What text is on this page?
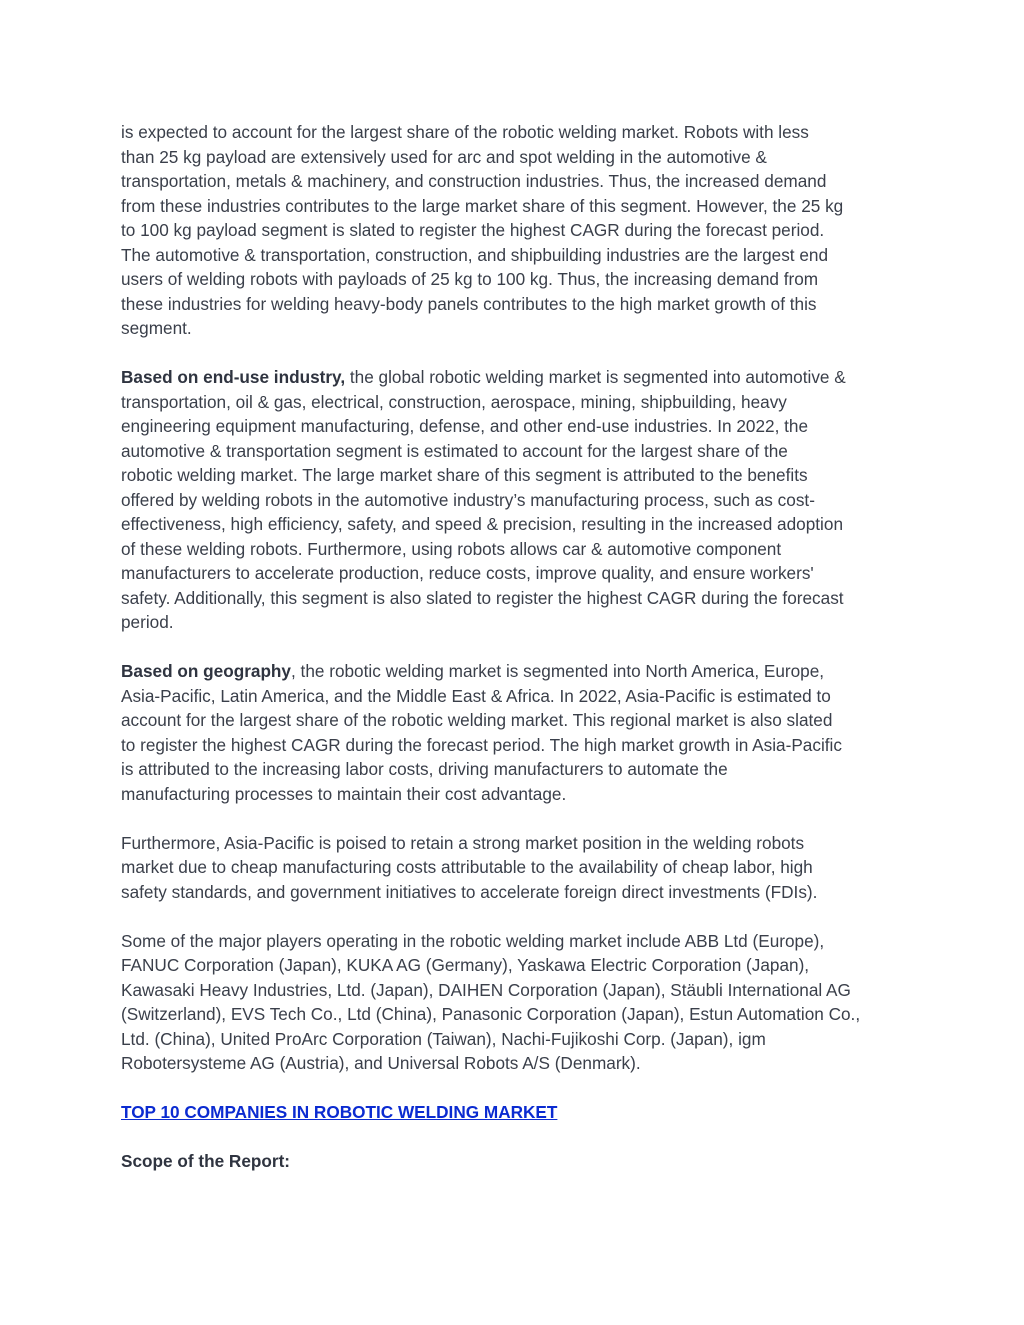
is expected to account for the largest share of the robotic welding market. Robots with less
than 25 kg payload are extensively used for arc and spot welding in the automotive &
transportation, metals & machinery, and construction industries. Thus, the increased demand
from these industries contributes to the large market share of this segment. However, the 25 kg
to 100 kg payload segment is slated to register the highest CAGR during the forecast period.
The automotive & transportation, construction, and shipbuilding industries are the largest end
users of welding robots with payloads of 25 kg to 100 kg. Thus, the increasing demand from
these industries for welding heavy-body panels contributes to the high market growth of this
segment.

Based on end-use industry, the global robotic welding market is segmented into automotive &
transportation, oil & gas, electrical, construction, aerospace, mining, shipbuilding, heavy
engineering equipment manufacturing, defense, and other end-use industries. In 2022, the
automotive & transportation segment is estimated to account for the largest share of the
robotic welding market. The large market share of this segment is attributed to the benefits
offered by welding robots in the automotive industry’s manufacturing process, such as cost-
effectiveness, high efficiency, safety, and speed & precision, resulting in the increased adoption
of these welding robots. Furthermore, using robots allows car & automotive component
manufacturers to accelerate production, reduce costs, improve quality, and ensure workers'
safety. Additionally, this segment is also slated to register the highest CAGR during the forecast
period.

Based on geography, the robotic welding market is segmented into North America, Europe,
Asia-Pacific, Latin America, and the Middle East & Africa. In 2022, Asia-Pacific is estimated to
account for the largest share of the robotic welding market. This regional market is also slated
to register the highest CAGR during the forecast period. The high market growth in Asia-Pacific
is attributed to the increasing labor costs, driving manufacturers to automate the
manufacturing processes to maintain their cost advantage.

Furthermore, Asia-Pacific is poised to retain a strong market position in the welding robots
market due to cheap manufacturing costs attributable to the availability of cheap labor, high
safety standards, and government initiatives to accelerate foreign direct investments (FDIs).

Some of the major players operating in the robotic welding market include ABB Ltd (Europe),
FANUC Corporation (Japan), KUKA AG (Germany), Yaskawa Electric Corporation (Japan),
Kawasaki Heavy Industries, Ltd. (Japan), DAIHEN Corporation (Japan), Stäubli International AG
(Switzerland), EVS Tech Co., Ltd (China), Panasonic Corporation (Japan), Estun Automation Co.,
Ltd. (China), United ProArc Corporation (Taiwan), Nachi-Fujikoshi Corp. (Japan), igm
Robotersysteme AG (Austria), and Universal Robots A/S (Denmark).

TOP 10 COMPANIES IN ROBOTIC WELDING MARKET

Scope of the Report:
